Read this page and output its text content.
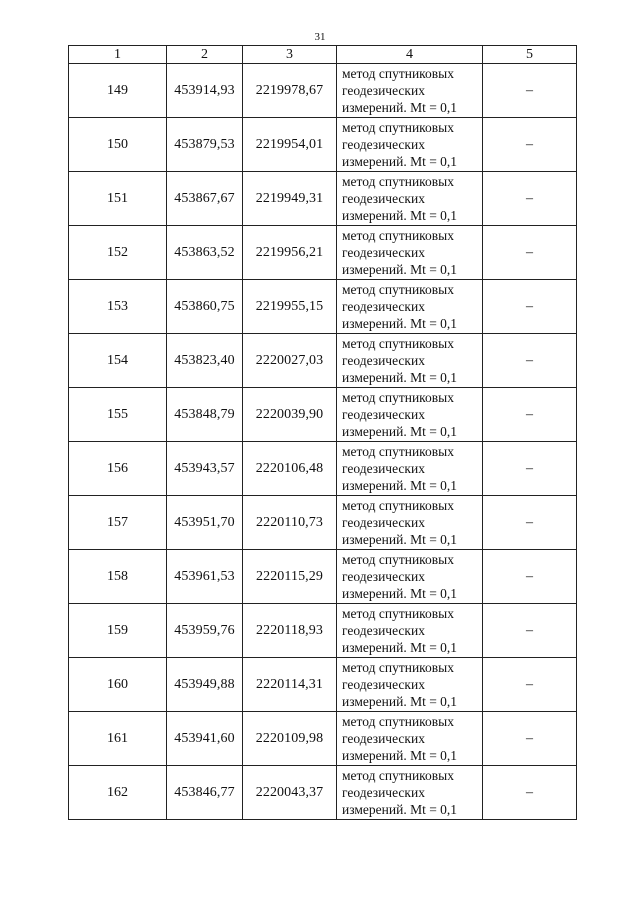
31
1	2	3	4	5
149	453914,93	2219978,67	метод спутниковых
геодезических
измерений. Mt = 0,1	–
150	453879,53	2219954,01	метод спутниковых
геодезических
измерений. Mt = 0,1	–
151	453867,67	2219949,31	метод спутниковых
геодезических
измерений. Mt = 0,1	–
152	453863,52	2219956,21	метод спутниковых
геодезических
измерений. Mt = 0,1	–
153	453860,75	2219955,15	метод спутниковых
геодезических
измерений. Mt = 0,1	–
154	453823,40	2220027,03	метод спутниковых
геодезических
измерений. Mt = 0,1	–
155	453848,79	2220039,90	метод спутниковых
геодезических
измерений. Mt = 0,1	–
156	453943,57	2220106,48	метод спутниковых
геодезических
измерений. Mt = 0,1	–
157	453951,70	2220110,73	метод спутниковых
геодезических
измерений. Mt = 0,1	–
158	453961,53	2220115,29	метод спутниковых
геодезических
измерений. Mt = 0,1	–
159	453959,76	2220118,93	метод спутниковых
геодезических
измерений. Mt = 0,1	–
160	453949,88	2220114,31	метод спутниковых
геодезических
измерений. Mt = 0,1	–
161	453941,60	2220109,98	метод спутниковых
геодезических
измерений. Mt = 0,1	–
162	453846,77	2220043,37	метод спутниковых
геодезических
измерений. Mt = 0,1	–
